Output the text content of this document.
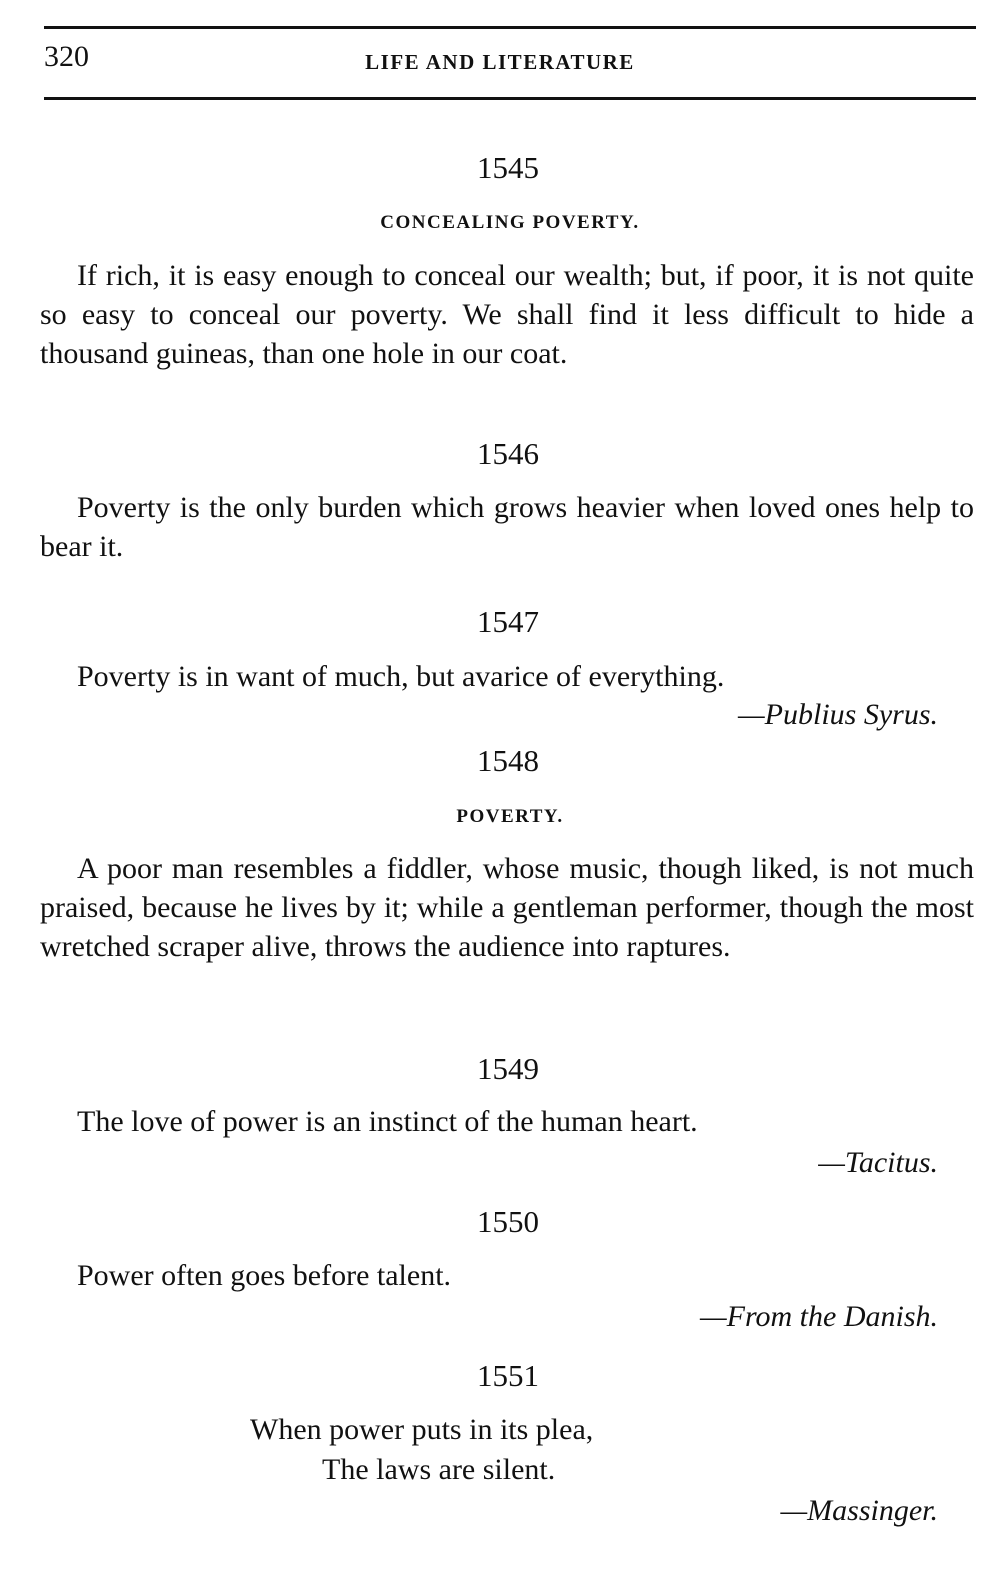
320	LIFE AND LITERATURE
1545
CONCEALING POVERTY.
If rich, it is easy enough to conceal our wealth; but, if poor, it is not quite so easy to conceal our poverty. We shall find it less difficult to hide a thousand guineas, than one hole in our coat.
1546
Poverty is the only burden which grows heavier when loved ones help to bear it.
1547
Poverty is in want of much, but avarice of everything.
—Publius Syrus.
1548
POVERTY.
A poor man resembles a fiddler, whose music, though liked, is not much praised, because he lives by it; while a gentleman performer, though the most wretched scraper alive, throws the audience into raptures.
1549
The love of power is an instinct of the human heart.
—Tacitus.
1550
Power often goes before talent.
—From the Danish.
1551
When power puts in its plea,
The laws are silent.
—Massinger.
